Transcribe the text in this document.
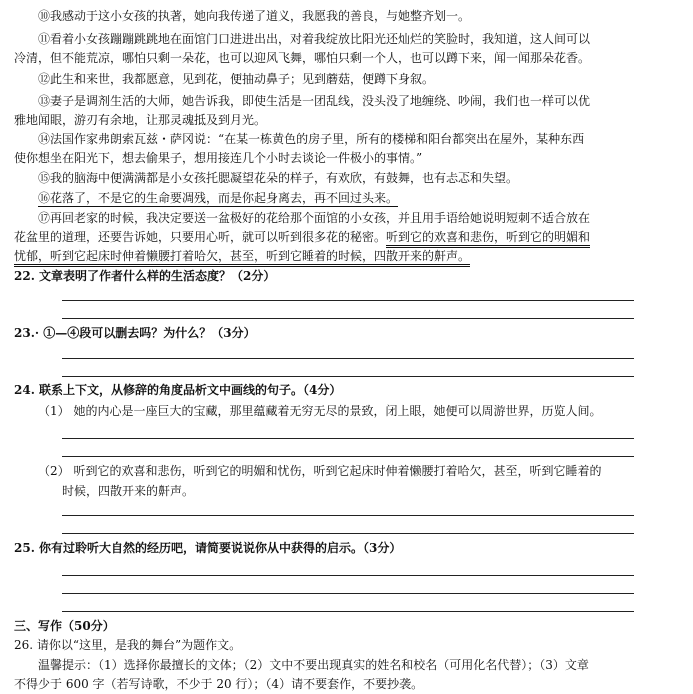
⑩我感动于这小女孩的执著，她向我传递了道义，我愿我的善良，与她整齐划一。
⑪看着小女孩蹦蹦跳跳地在面馆门口进进出出，对着我绽放比阳光还灿烂的笑脸时，我知道，这人间可以
冷清，但不能荒凉，哪怕只剩一朵花，也可以迎风飞舞，哪怕只剩一个人，也可以蹲下来，闻一闻那朵花香。
⑫此生和来世，我都愿意，见到花，便抽动鼻子；见到蘑菇，便蹲下身叙。
⑬妻子是调剂生活的大师，她告诉我，即使生活是一团乱线，没头没了地缠绕、吵闹，我们也一样可以优
雅地闻眼，游刃有余地，让那灵魂抵及到月光。
⑭法国作家弗朗索瓦兹・萨冈说：“在某一栋黄色的房子里，所有的楼梯和阳台都突出在屋外，某种东西
使你想坐在阳光下，想去偷果子，想用接连几个小时去谈论一件极小的事情。”
⑮我的脑海中便满满都是小女孩托腮凝望花朵的样子，有欢欣，有鼓舞，也有忐忑和失望。
⑯花落了，不是它的生命要凋残，而是你起身离去，再不回过头来。
⑰再回老家的时候，我决定要送一盆极好的花给那个面馆的小女孩，并且用手语给她说明短刺不适合放在
花盆里的道理，还要告诉她，只要用心听，就可以听到很多花的秘密。听到它的欢喜和悲伤，听到它的明媚和
忧郁，听到它起床时伸着懒腰打着哈欠，甚至，听到它睡着的时候，四散开来的鼾声。
22. 文章表明了作者什么样的生活态度？（2分）
23.· ①—④段可以删去吗？为什么？（3分）
24. 联系上下文，从修辞的角度品析文中画线的句子。（4分）
（1） 她的内心是一座巨大的宝藏，那里蕴藏着无穷无尽的景致，闭上眼，她便可以周游世界，历览人间。
（2） 听到它的欢喜和悲伤，听到它的明媚和忧伤，听到它起床时伸着懒腰打着哈欠，甚至，听到它睡着的
时候，四散开来的鼾声。
25. 你有过聆听大自然的经历吧，请简要说说你从中获得的启示。（3分）
三、写作（50分）
26. 请你以“这里，是我的舞台”为题作文。
温馨提示：（1）选择你最擅长的文体；（2）文中不要出现真实的姓名和校名（可用化名代替）；（3）文章
不得少于 600 字（若写诗歌，不少于 20 行）；（4）请不要套作，不要抄袭。
